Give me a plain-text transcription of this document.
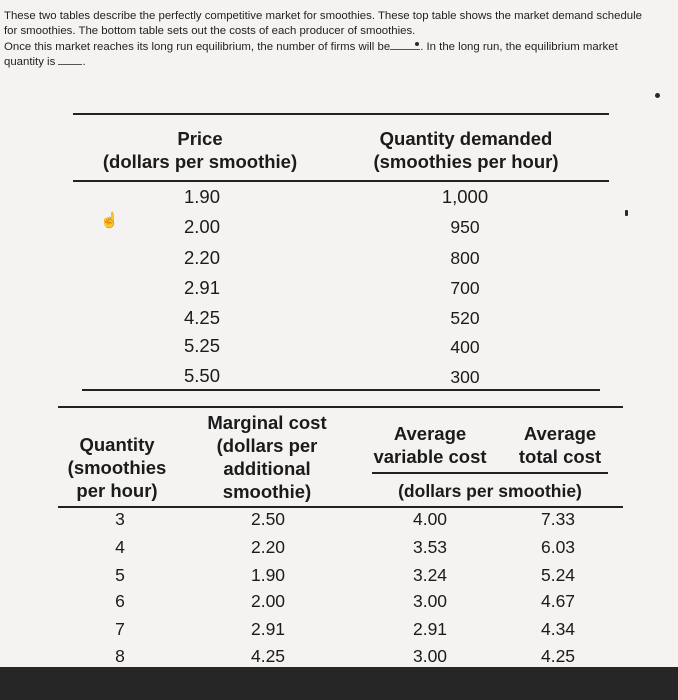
These two tables describe the perfectly competitive market for smoothies. These top table shows the market demand schedule

for smoothies. The bottom table sets out the costs of each producer of smoothies.

Once this market reaches its long run equilibrium, the number of firms will be	. In the long run, the equilibrium market

quantity is .

Price
(dollars per smoothie)
Quantity demanded
(smoothies per hour)
1.90	1,000
☝	2.00	950
2.20	800
2.91	700
4.25	520
5.25	400
5.50	300
Quantity
(smoothies
per hour)
Marginal cost
(dollars per
additional
smoothie)
Average
variable cost
Average
total cost
(dollars per smoothie)
3	2.50	4.00	7.33
4	2.20	3.53	6.03
5	1.90	3.24	5.24
6	2.00	3.00	4.67
7	2.91	2.91	4.34
8	4.25	3.00	4.25
